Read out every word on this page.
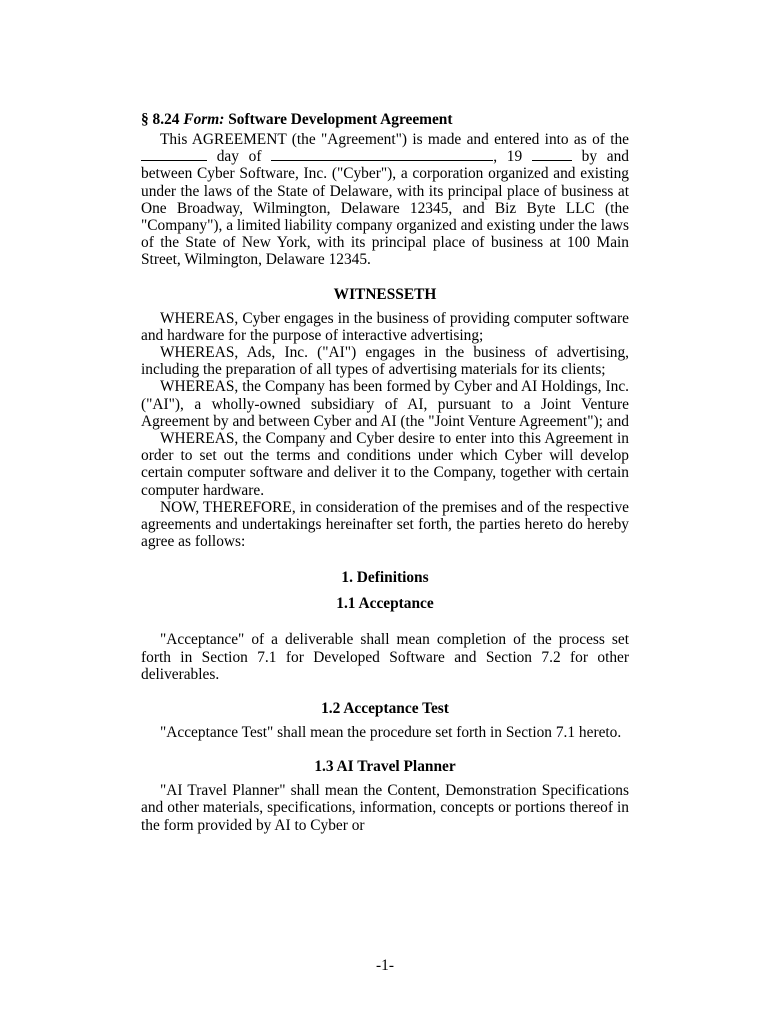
§ 8.24 Form: Software Development Agreement

This AGREEMENT (the "Agreement") is made and entered into as of the  day of	, 19	by and between Cyber Software, Inc. ("Cyber"), a corporation organized and existing under the laws of the State of Delaware, with its principal place of business at One Broadway, Wilmington, Delaware 12345, and Biz Byte LLC (the "Company"), a limited liability company organized and existing under the laws of the State of New York, with its principal place of business at 100 Main Street, Wilmington, Delaware 12345.

WITNESSETH

WHEREAS, Cyber engages in the business of providing computer software and hardware for the purpose of interactive advertising;

WHEREAS, Ads, Inc. ("AI") engages in the business of advertising, including the preparation of all types of advertising materials for its clients;

WHEREAS, the Company has been formed by Cyber and AI Holdings, Inc. ("AI"), a wholly-owned subsidiary of AI, pursuant to a Joint Venture Agreement by and between Cyber and AI (the "Joint Venture Agreement"); and

WHEREAS, the Company and Cyber desire to enter into this Agreement in order to set out the terms and conditions under which Cyber will develop certain computer software and deliver it to the Company, together with certain computer hardware.

NOW, THEREFORE, in consideration of the premises and of the respective agreements and undertakings hereinafter set forth, the parties hereto do hereby agree as follows:

1. Definitions
1.1 Acceptance

"Acceptance" of a deliverable shall mean completion of the process set forth in Section 7.1 for Developed Software and Section 7.2 for other deliverables.

1.2 Acceptance Test

"Acceptance Test" shall mean the procedure set forth in Section 7.1 hereto.

1.3 AI Travel Planner

"AI Travel Planner" shall mean the Content, Demonstration Specifications and other materials, specifications, information, concepts or portions thereof in the form provided by AI to Cyber or

-1-
